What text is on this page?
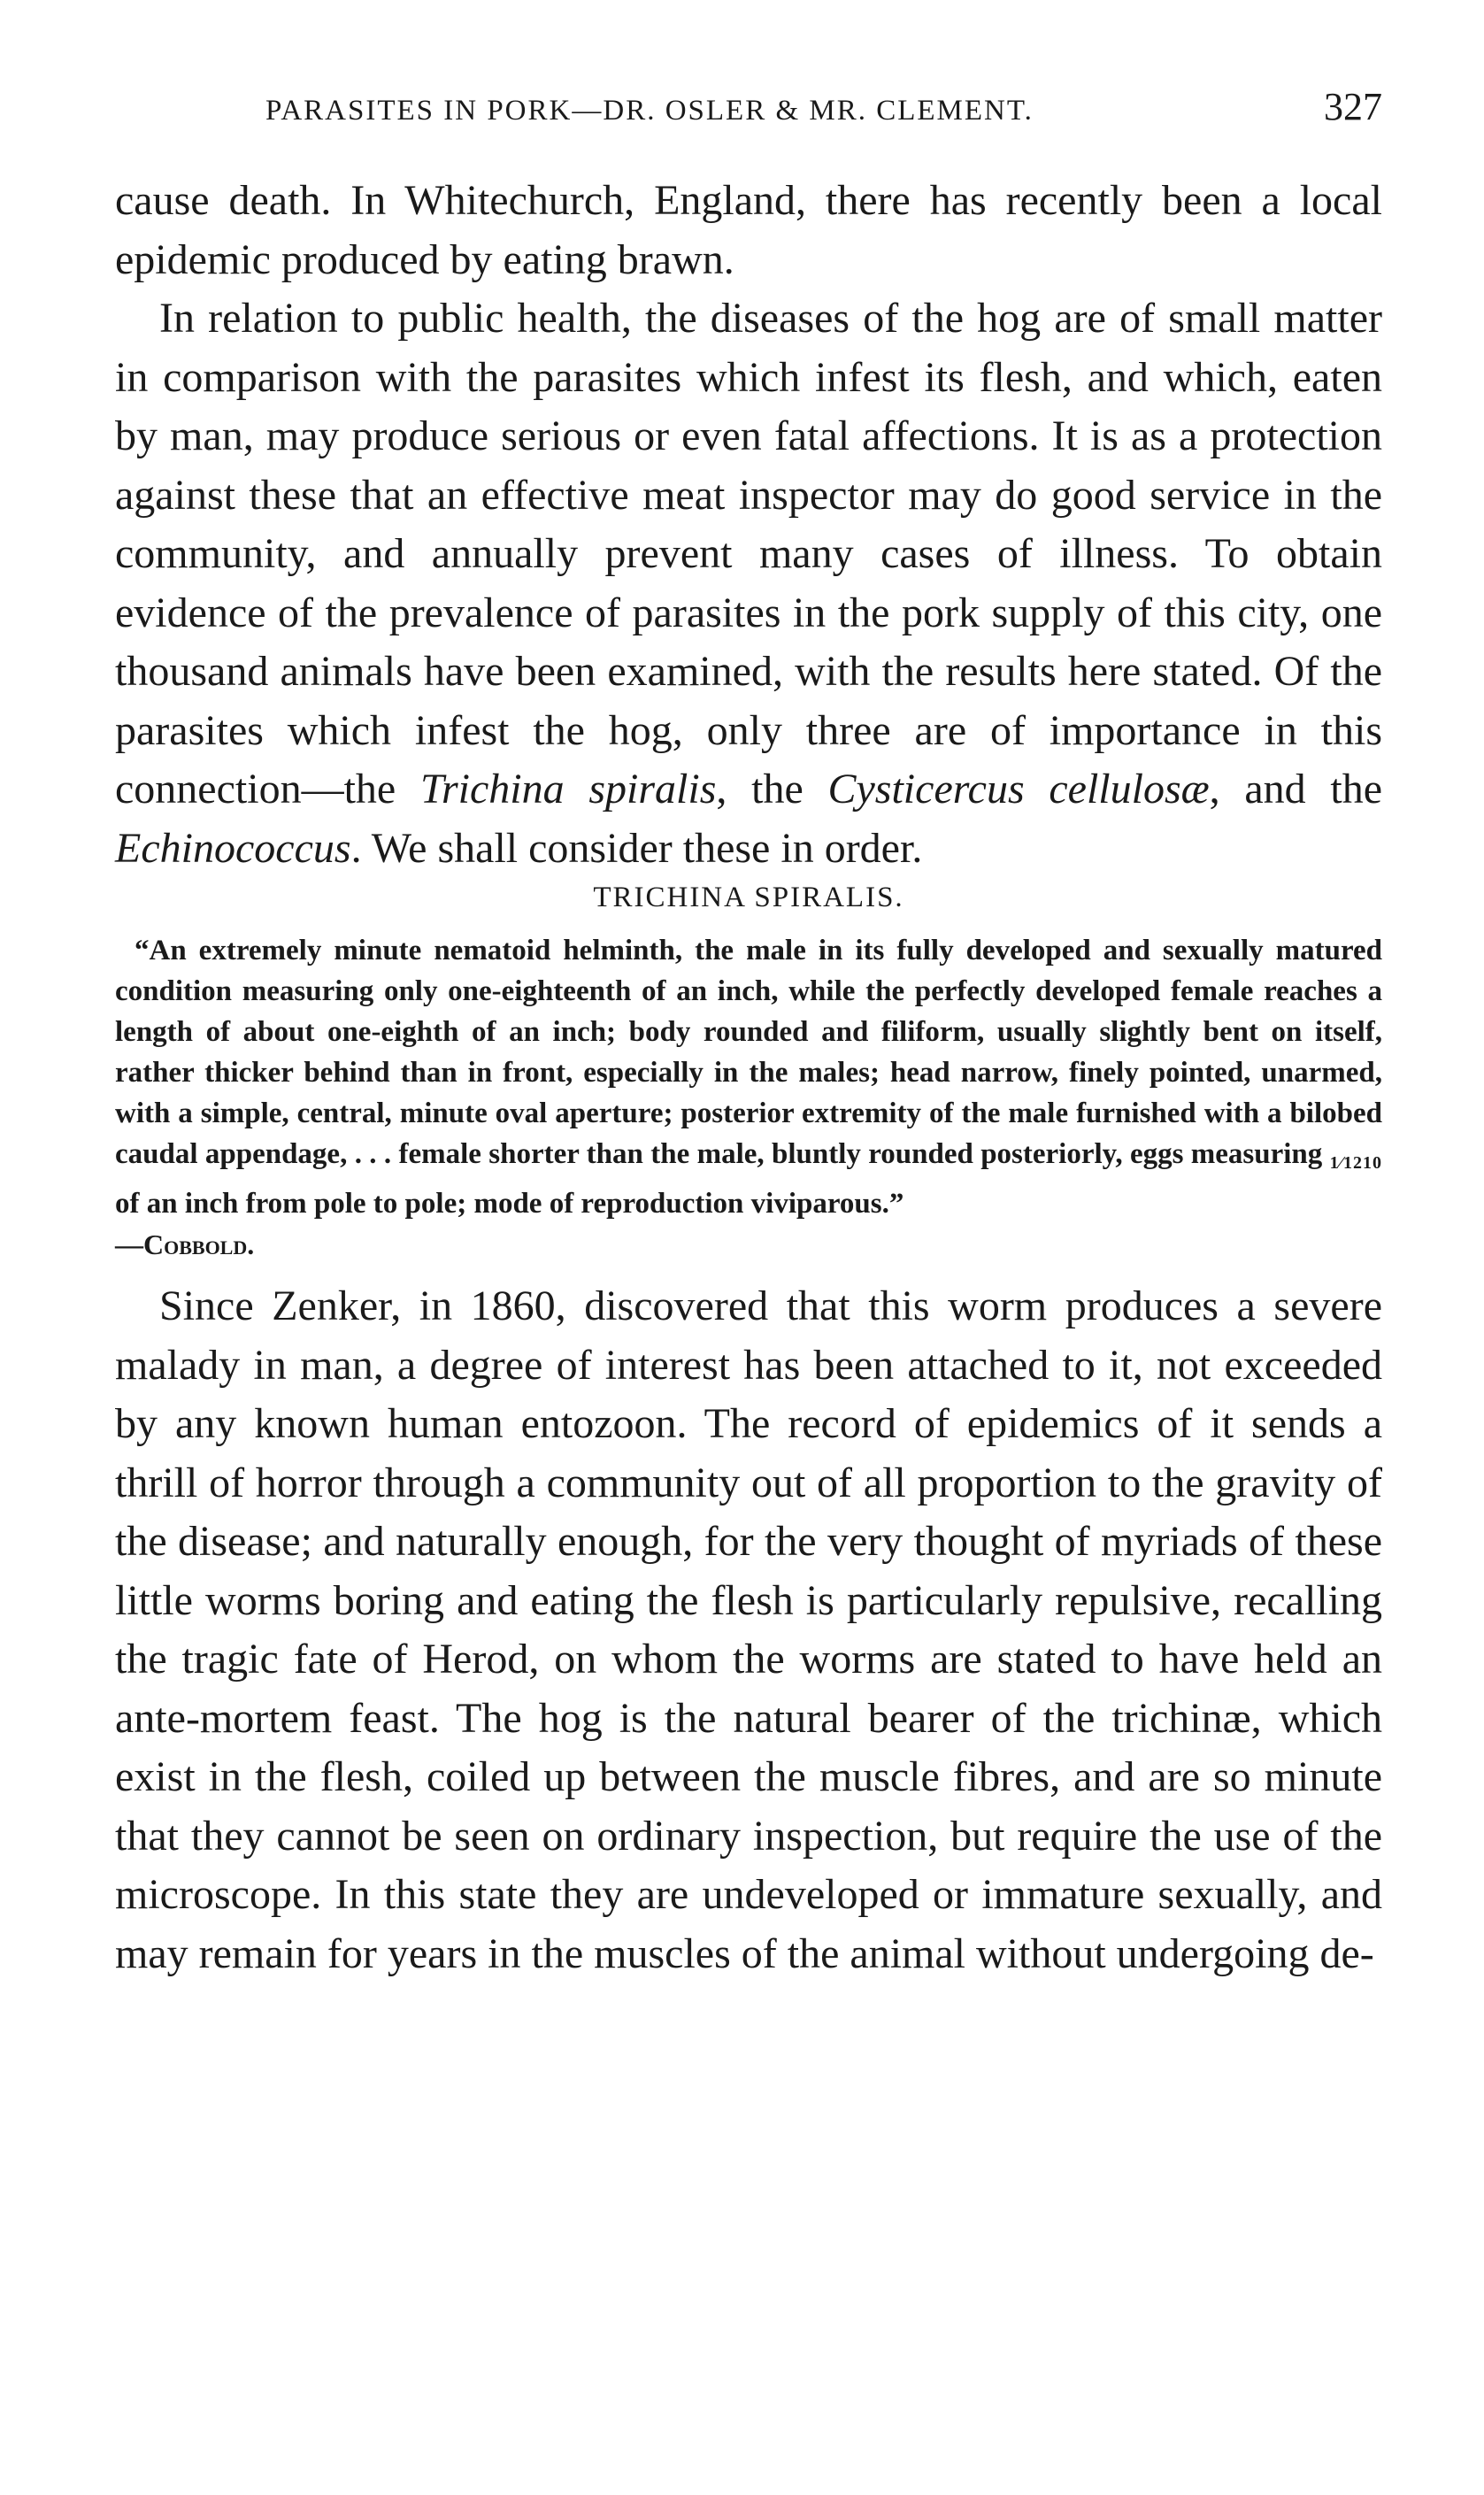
PARASITES IN PORK—DR. OSLER & MR. CLEMENT.	327

cause death. In Whitechurch, England, there has recently been a local epidemic produced by eating brawn.

In relation to public health, the diseases of the hog are of small matter in comparison with the parasites which infest its flesh, and which, eaten by man, may produce serious or even fatal affections. It is as a protection against these that an effective meat inspector may do good service in the community, and annually prevent many cases of illness. To obtain evidence of the prevalence of parasites in the pork supply of this city, one thousand animals have been examined, with the results here stated. Of the parasites which infest the hog, only three are of importance in this connection—the Trichina spiralis, the Cysticercus cellulosæ, and the Echinococcus. We shall consider these in order.

TRICHINA SPIRALIS.

“An extremely minute nematoid helminth, the male in its fully developed and sexually matured condition measuring only one-eighteenth of an inch, while the perfectly developed female reaches a length of about one-eighth of an inch; body rounded and filiform, usually slightly bent on itself, rather thicker behind than in front, especially in the males; head narrow, finely pointed, unarmed, with a simple, central, minute oval aperture; posterior extremity of the male furnished with a bilobed caudal appendage, . . . female shorter than the male, bluntly rounded posteriorly, eggs measuring 1⁄1210 of an inch from pole to pole; mode of reproduction viviparous.”

—Cobbold.

Since Zenker, in 1860, discovered that this worm produces a severe malady in man, a degree of interest has been attached to it, not exceeded by any known human entozoon. The record of epidemics of it sends a thrill of horror through a community out of all proportion to the gravity of the disease; and naturally enough, for the very thought of myriads of these little worms boring and eating the flesh is particularly repulsive, recalling the tragic fate of Herod, on whom the worms are stated to have held an ante-mortem feast. The hog is the natural bearer of the trichinæ, which exist in the flesh, coiled up between the muscle fibres, and are so minute that they cannot be seen on ordinary inspection, but require the use of the microscope. In this state they are undeveloped or immature sexually, and may remain for years in the muscles of the animal without undergoing de-
